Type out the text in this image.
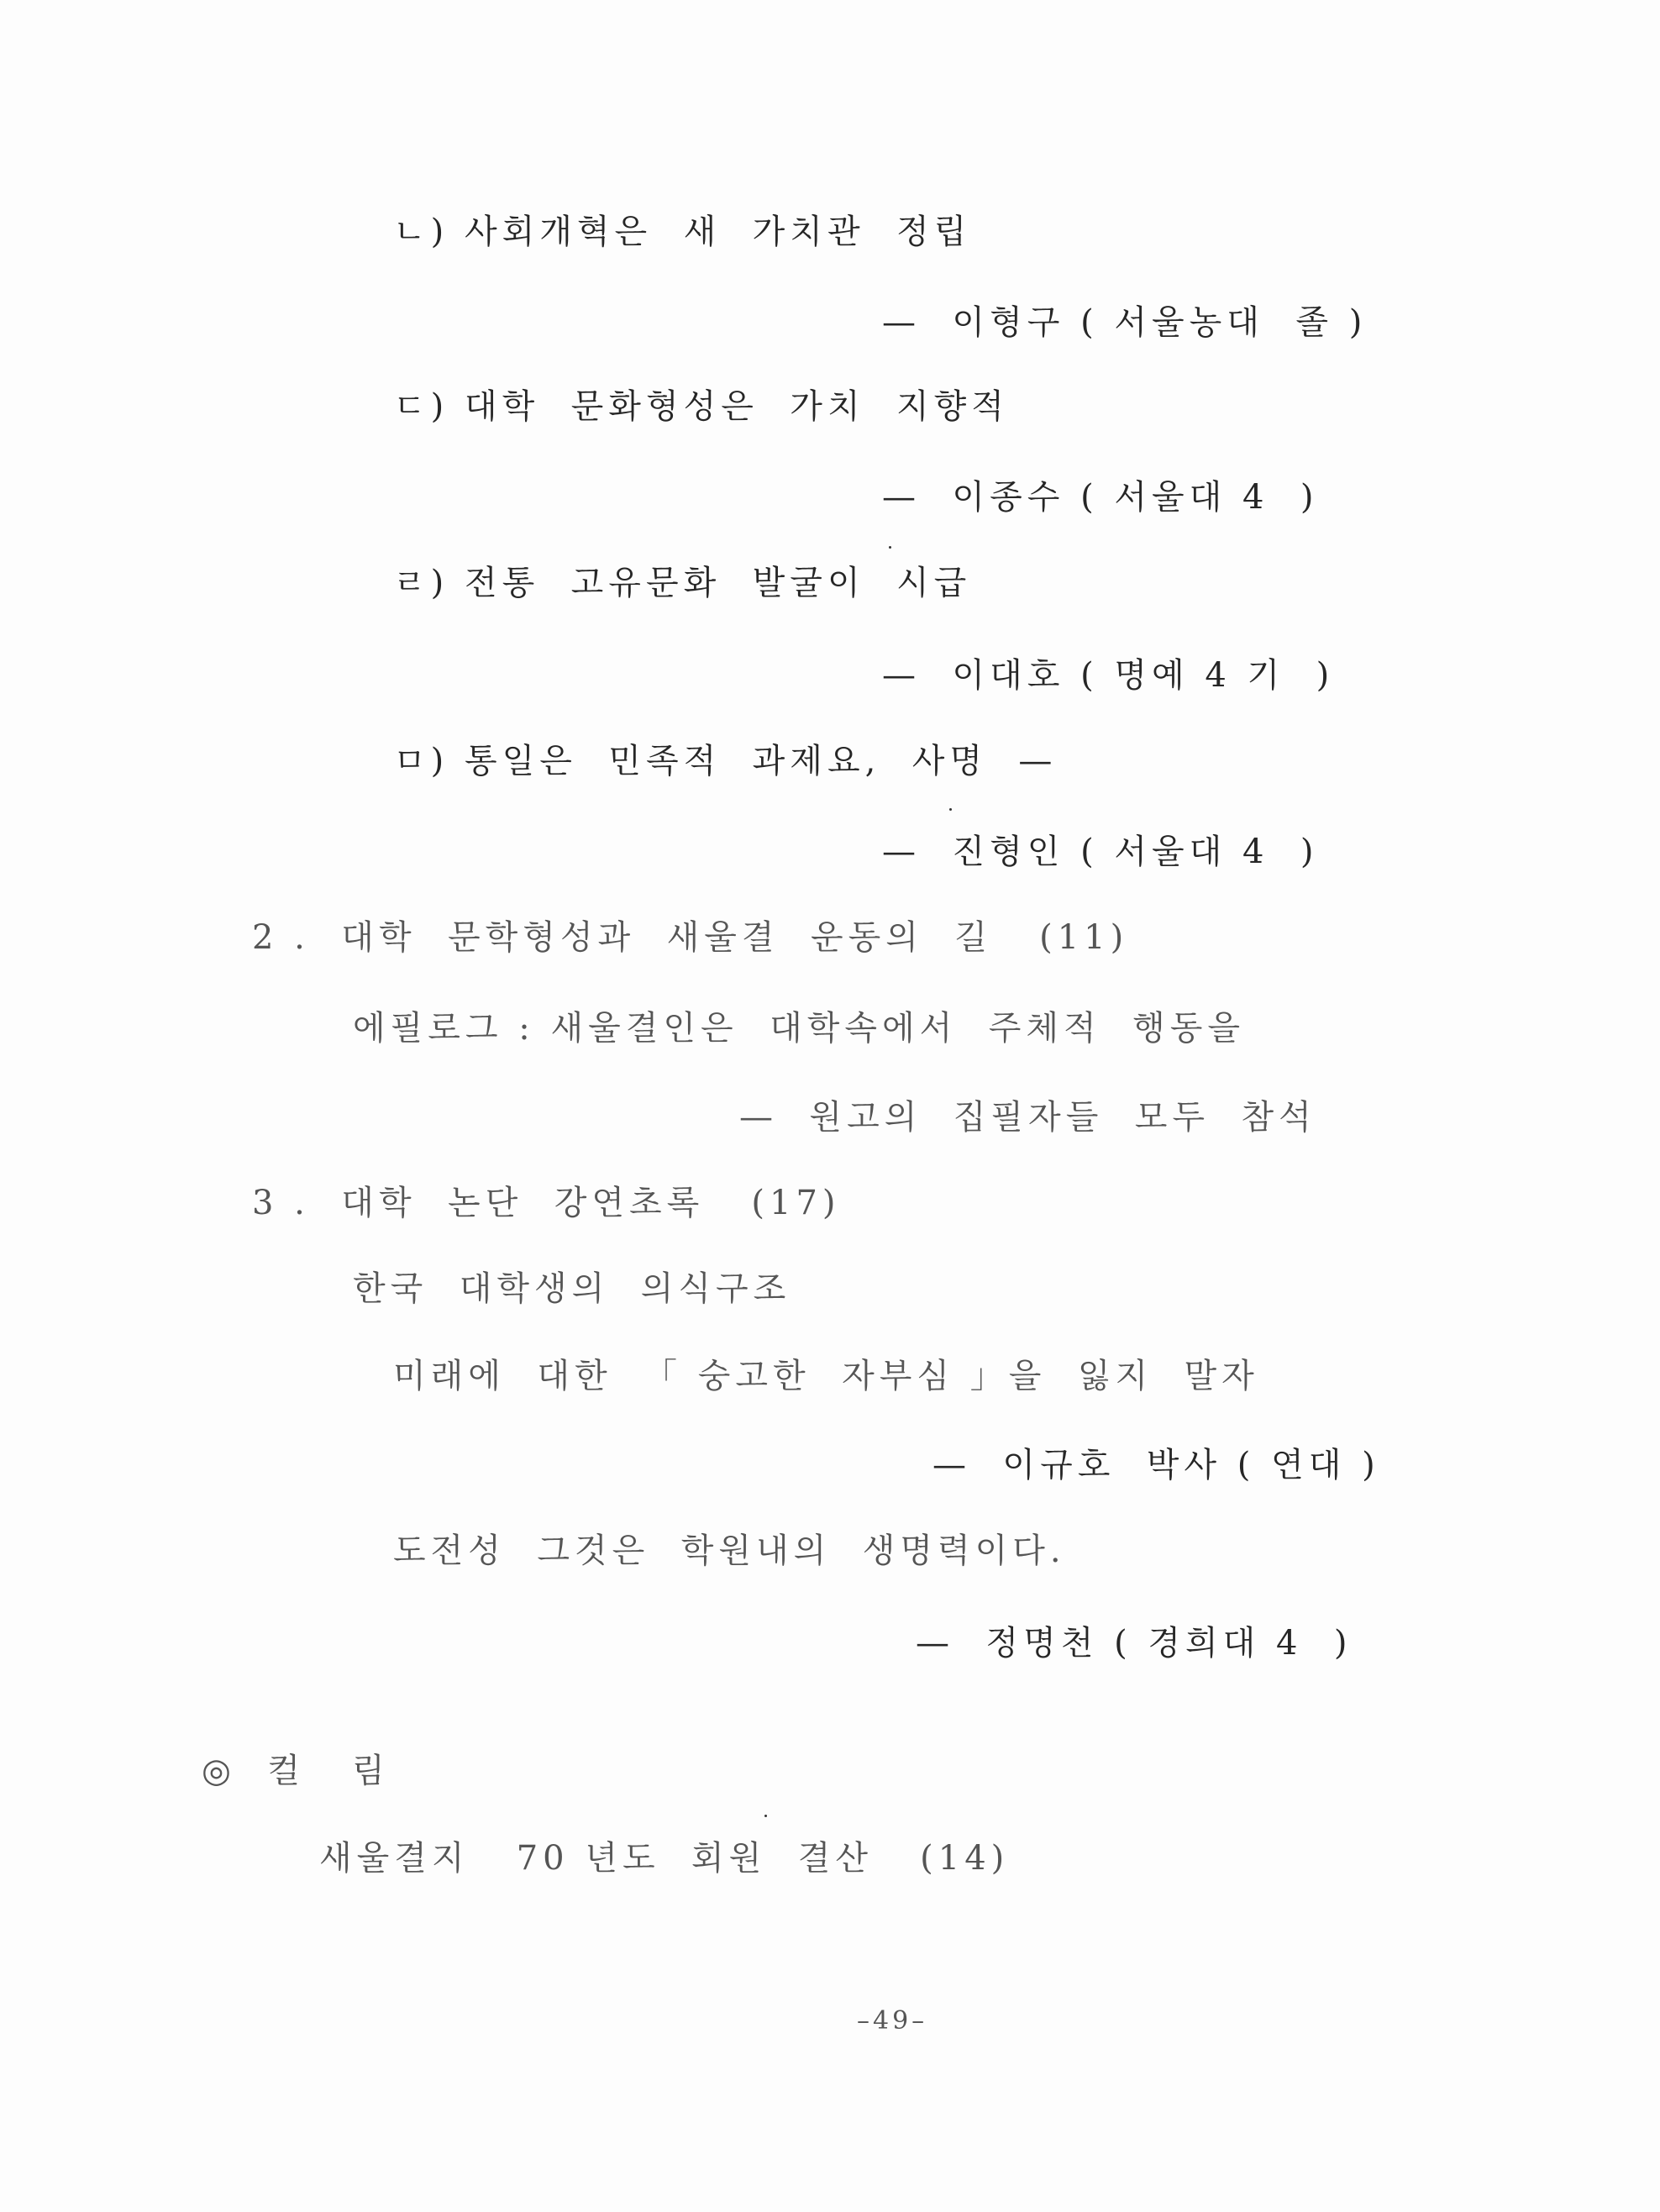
ㄴ) 사회개혁은  새  가치관  정립
—  이형구 ( 서울농대  졸 )
ㄷ) 대학  문화형성은  가치  지향적
—  이종수 ( 서울대 4  )
ㄹ) 전통  고유문화  발굴이  시급
—  이대호 ( 명예 4 기  )
ㅁ) 통일은  민족적  과제요,  사명  —
—  진형인 ( 서울대 4  )
2 .  대학  문학형성과  새울결  운동의  길   (11)
에필로그 : 새울결인은  대학속에서  주체적  행동을
—  원고의  집필자들  모두  참석
3 .  대학  논단  강연초록   (17)
한국  대학생의  의식구조
미래에  대한  「 숭고한  자부심 」을  잃지  말자
—  이규호  박사 ( 연대 )
도전성  그것은  학원내의  생명력이다.
—  정명천 ( 경희대 4  )
◎  컬   림
새울결지   70 년도  회원  결산   (14)
–49–
